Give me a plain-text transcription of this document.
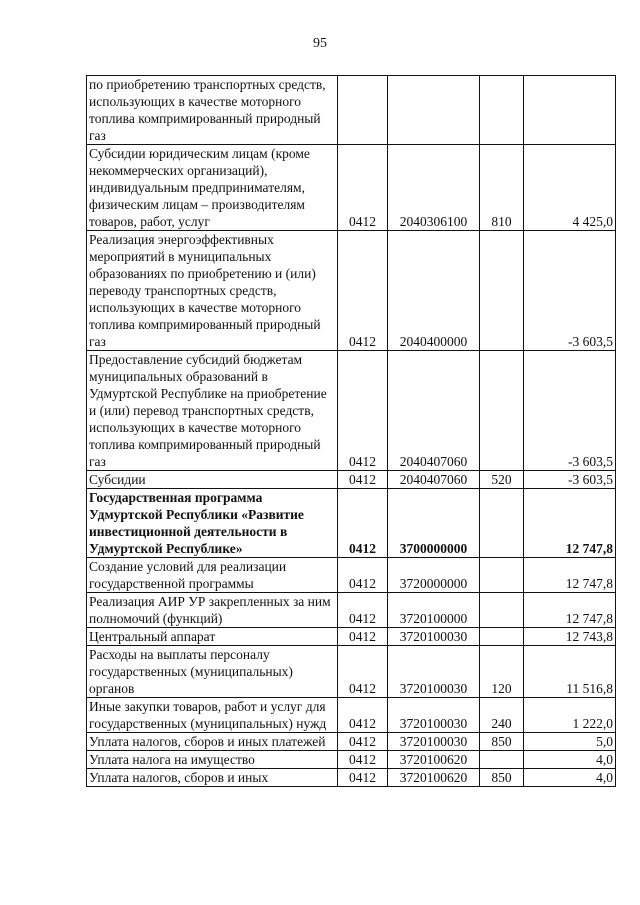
95
по приобретению транспортных средств, использующих в качестве моторного топлива компримированный природный газ				
Субсидии юридическим лицам (кроме некоммерческих организаций), индивидуальным предпринимателям, физическим лицам – производителям товаров, работ, услуг	0412	2040306100	810	4 425,0
Реализация энергоэффективных мероприятий в муниципальных образованиях по приобретению и (или) переводу транспортных средств, использующих в качестве моторного топлива компримированный природный газ	0412	2040400000		-3 603,5
Предоставление субсидий бюджетам муниципальных образований в Удмуртской Республике на приобретение и (или) перевод транспортных средств, использующих в качестве моторного топлива компримированный природный газ	0412	2040407060		-3 603,5
Субсидии	0412	2040407060	520	-3 603,5
Государственная программа Удмуртской Республики «Развитие инвестиционной деятельности в Удмуртской Республике»	0412	3700000000		12 747,8
Создание условий для реализации государственной программы	0412	3720000000		12 747,8
Реализация АИР УР закрепленных за ним полномочий (функций)	0412	3720100000		12 747,8
Центральный аппарат	0412	3720100030		12 743,8
Расходы на выплаты персоналу государственных (муниципальных) органов	0412	3720100030	120	11 516,8
Иные закупки товаров, работ и услуг для государственных (муниципальных) нужд	0412	3720100030	240	1 222,0
Уплата налогов, сборов и иных платежей	0412	3720100030	850	5,0
Уплата налога на имущество	0412	3720100620		4,0
Уплата налогов, сборов и иных	0412	3720100620	850	4,0
